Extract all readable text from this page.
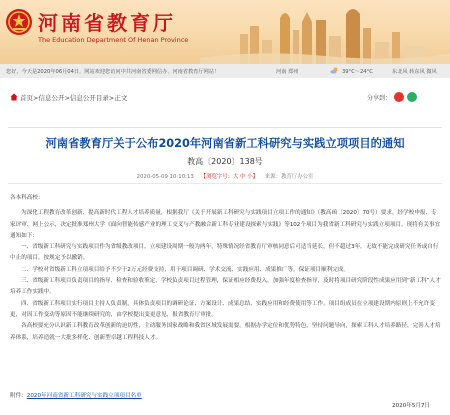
河南省教育厅
The Education Department Of Henan Province
您好，今天是2020年06月04日，网站欢迎您访问中共河南省委网信办、河南省教育厅网站！	河南 郑州	39°C～24°C	东北风 转东风 微风
首页>信息公开>信息公开目录>正文	分享到：
河南省教育厅关于公布2020年河南省新工科研究与实践立项项目的通知
教高〔2020〕138号
2020-05-09 10:10:13 【浏览字号：大 中 小】 来源：教育厅办公室

各本科高校：

为深化工程教育改革创新、提高新时代工程人才培养质量，根据我厅《关于开展新工科研究与实践项目立项工作的通知》（教高函〔2020〕70号）要求，经学校申报、专家评审、网上公示，决定批准郑州大学《面向智能传感产业的理工交叉与产教融合新工科专业建设探索与实践》等102个项目为我省新工科研究与实践立项项目。现将有关事宜通知如下：

一、省级新工科研究与实践项目作为省级教改项目，立项建设周期一般为两年，特殊情况经省教育厅审核同意后可适当延长，但不超过3年。无故不能完成研究任务或自行中止的项目，按规定予以撤销。

二、学校对省级新工科立项项目给予不少于2万元经费支持，用于项目调研、学术交流、实践应用、成果推广等，保证项目顺利完成。

三、省级新工科项目负责项目的指导、检查和验收鉴定，学校负责项目过程管理，保证相应经费投入，加强年度检查指导，及时将项目研究阶段性成果应用到“新工科”人才培养工作实践中。

四、省级新工科项目实行项目主持人负责制，具体负责项目的调研论证、方案设计、成果总结、实践应用和经费使用等工作。项目组成员在立项建设期内原则上不允许变更，对因工作变动等原因不能继续研究的，由学校提出变更意见，报省教育厅审批。

各高校要充分认识新工科教育改革创新的迫切性，主动服务国家战略和我省区域发展需要，根据办学定位和优势特色，坚持问题导向，探索工科人才培养路径，完善人才培养体系，培养造就一大批多样化、创新型卓越工程科技人才。

附件：2020年河南省新工科研究与实践立项项目名单
2020年5月7日
